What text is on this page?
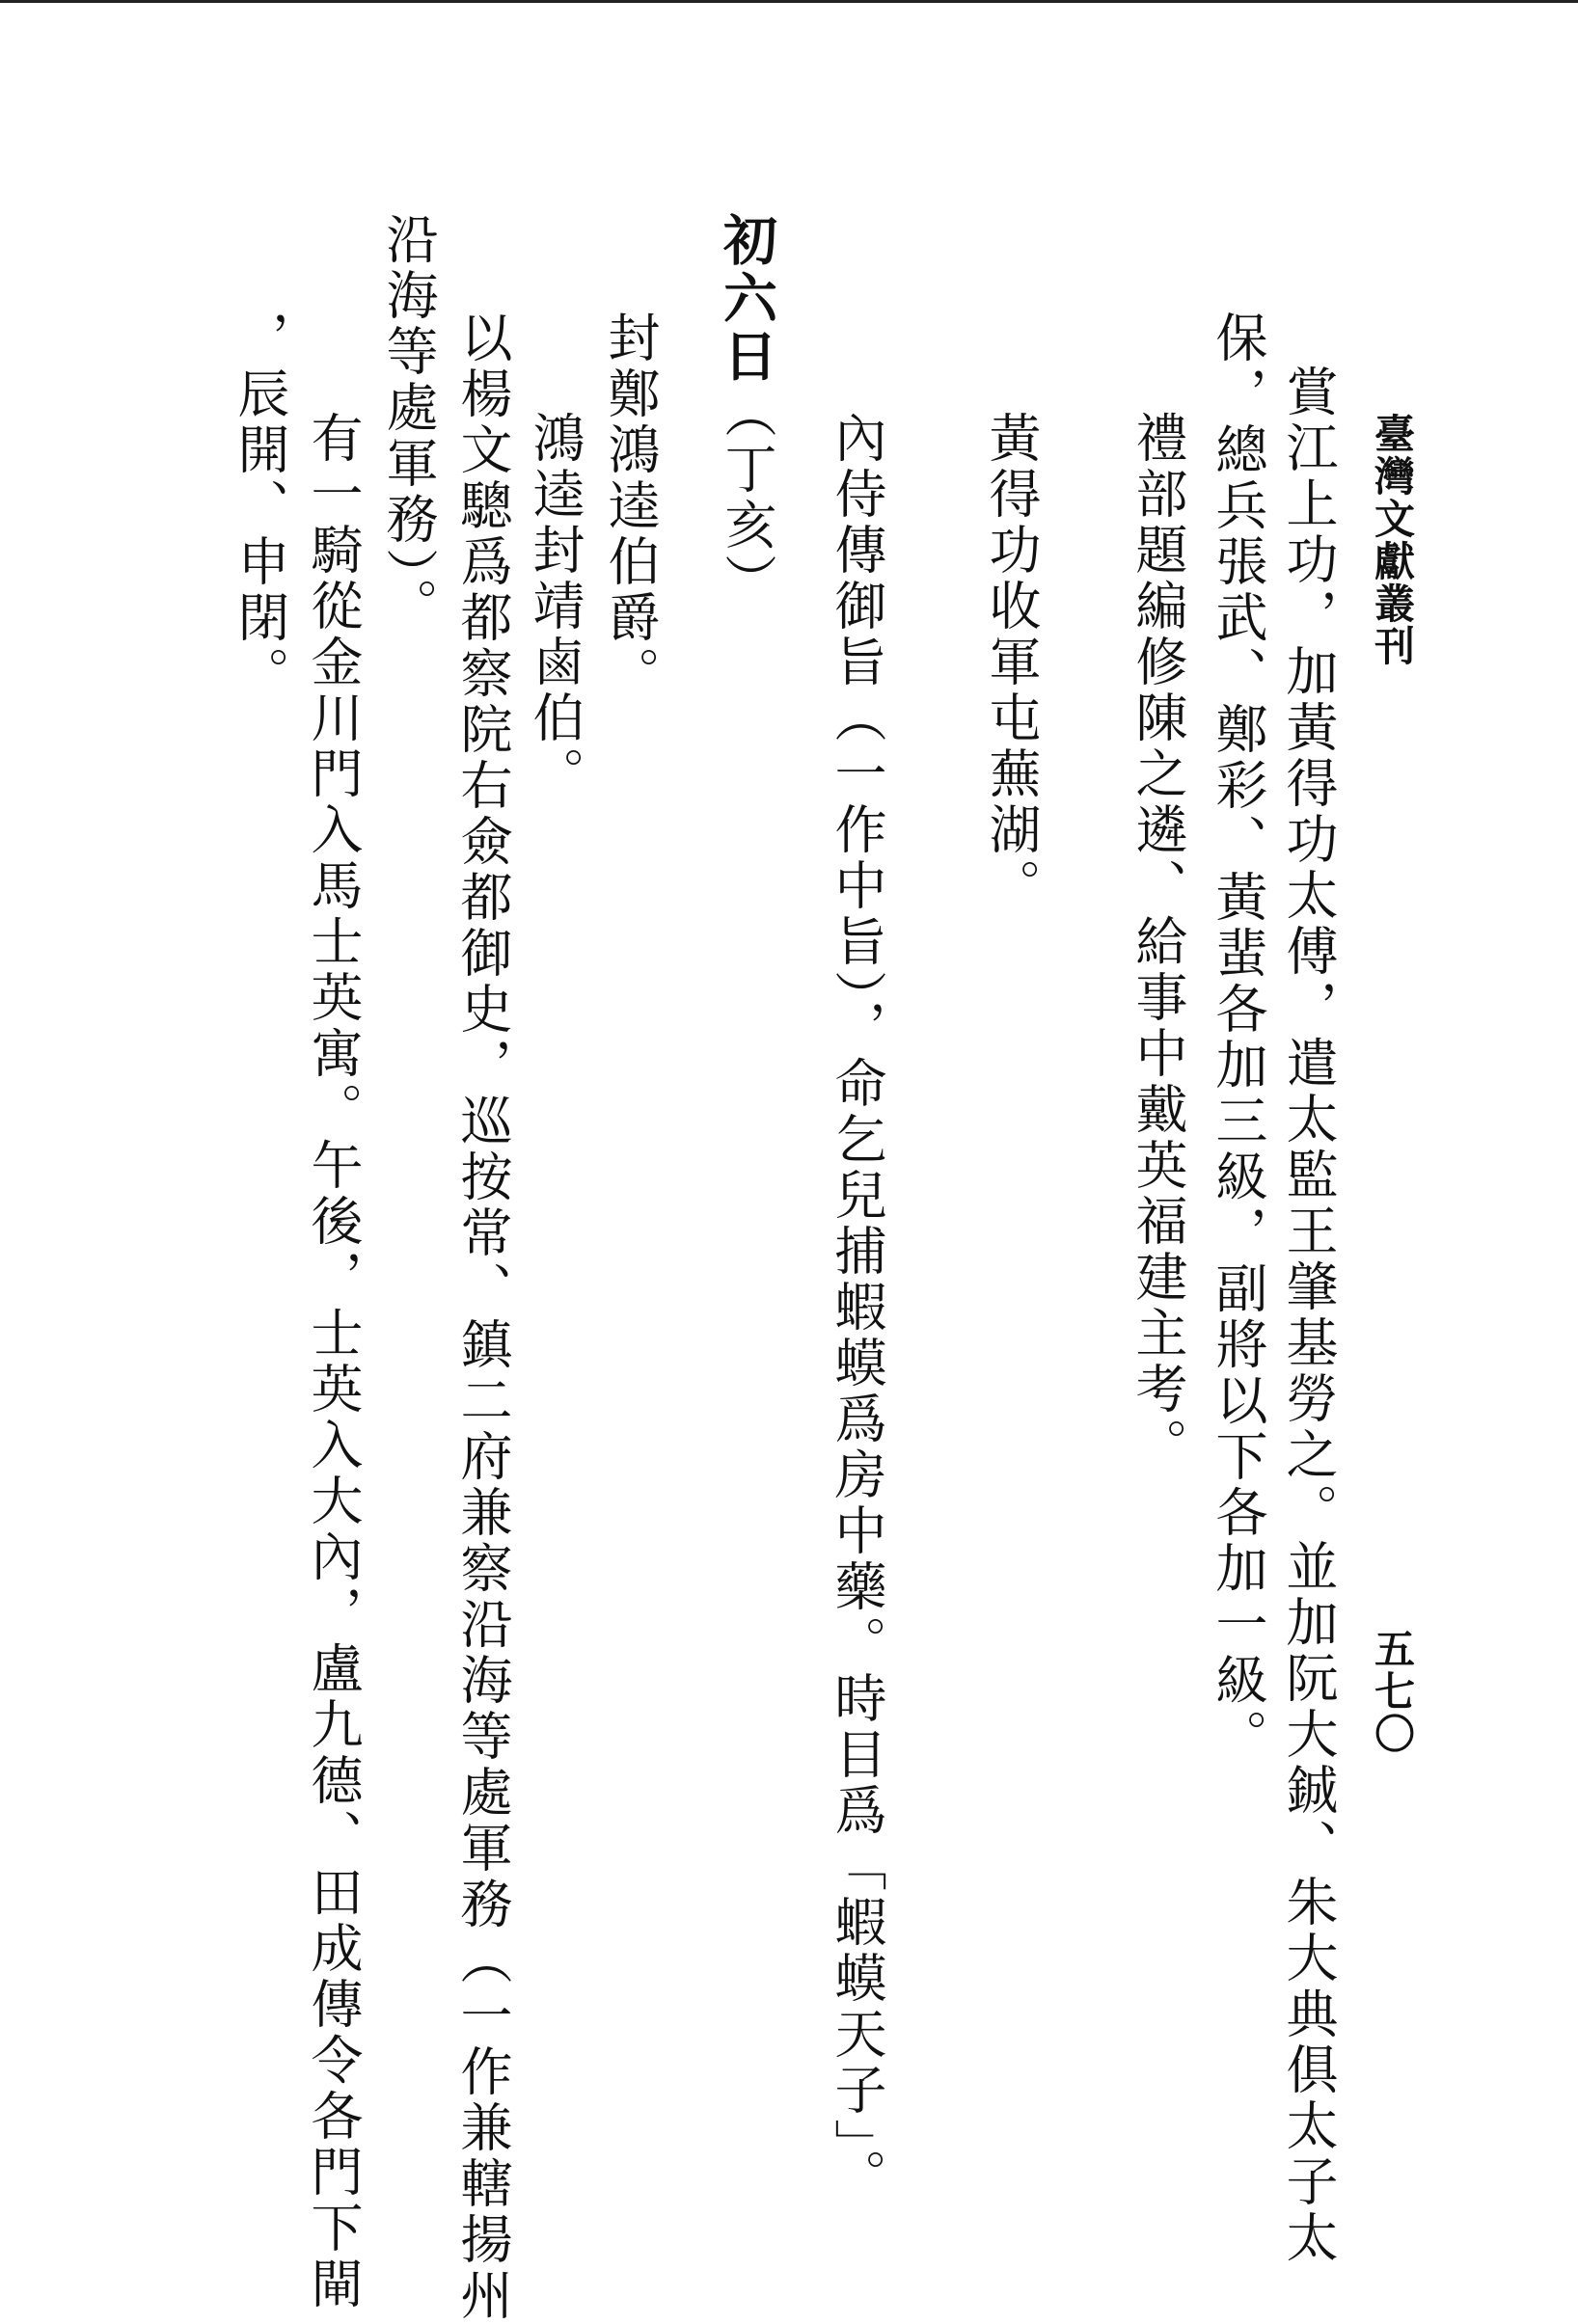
臺灣文獻叢刊
五七〇
賞江上功，加黃得功太傅，遣太監王肇基勞之。並加阮大鋮、朱大典俱太子太
保，總兵張武、鄭彩、黃蜚各加三級，副將以下各加一級。
禮部題編修陳之遴、給事中戴英福建主考。
黃得功收軍屯蕪湖。
內侍傳御旨（一作中旨），命乞兒捕蝦蟆爲房中藥。時目爲「蝦蟆天子」。
初六日（丁亥）
封鄭鴻逵伯爵。
鴻逵封靖鹵伯。
以楊文驄爲都察院右僉都御史，巡按常、鎮二府兼察沿海等處軍務（一作兼轄揚州
沿海等處軍務）。
有一騎從金川門入馬士英寓。午後，士英入大內，盧九德、田成傳令各門下閘
，辰開、申閉。
